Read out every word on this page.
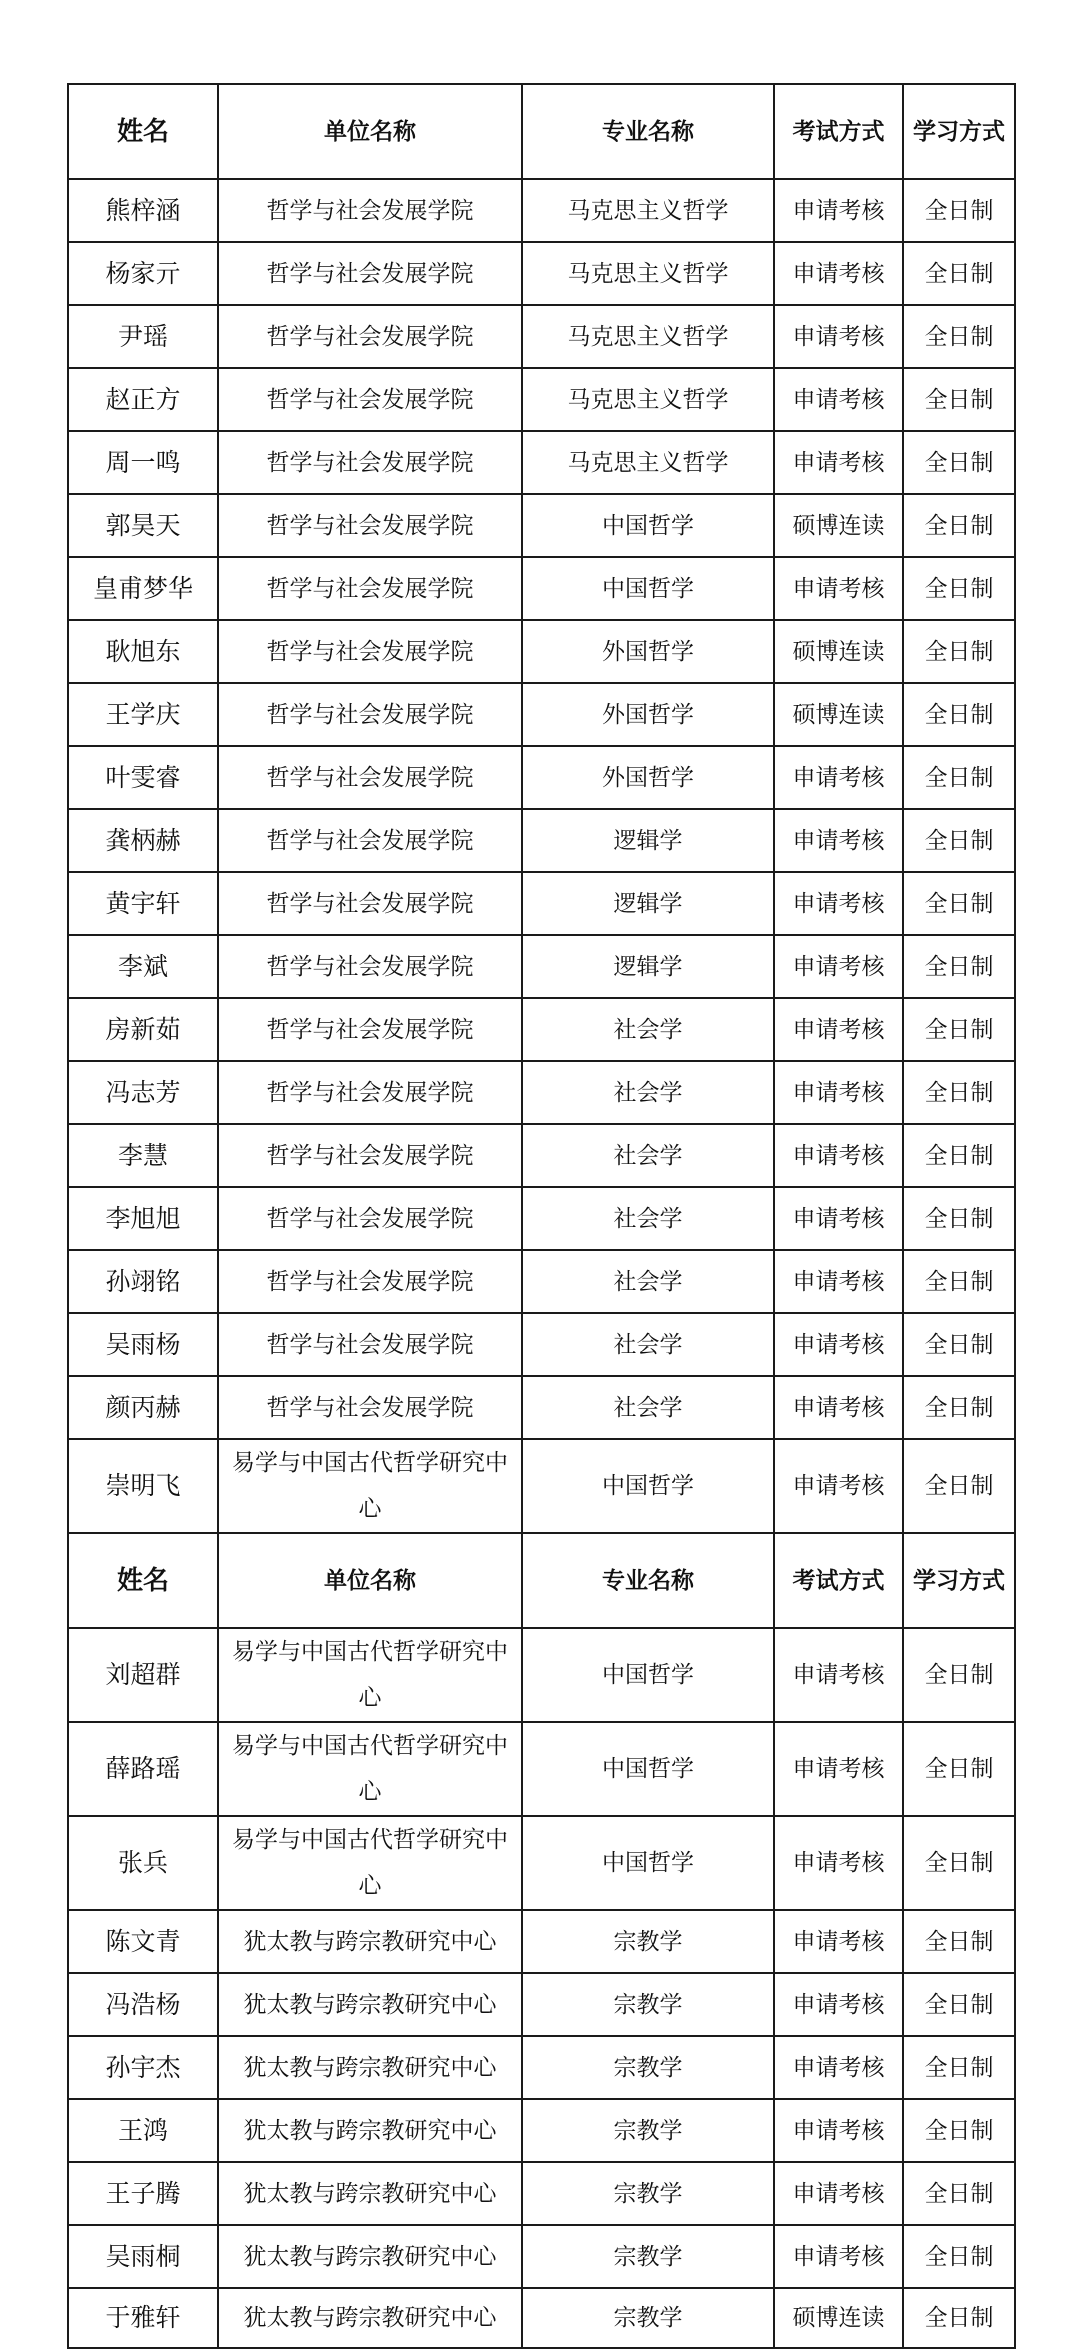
姓名	单位名称	专业名称	考试方式	学习方式
熊梓涵	哲学与社会发展学院	马克思主义哲学	申请考核	全日制
杨家亓	哲学与社会发展学院	马克思主义哲学	申请考核	全日制
尹瑶	哲学与社会发展学院	马克思主义哲学	申请考核	全日制
赵正方	哲学与社会发展学院	马克思主义哲学	申请考核	全日制
周一鸣	哲学与社会发展学院	马克思主义哲学	申请考核	全日制
郭昊天	哲学与社会发展学院	中国哲学	硕博连读	全日制
皇甫梦华	哲学与社会发展学院	中国哲学	申请考核	全日制
耿旭东	哲学与社会发展学院	外国哲学	硕博连读	全日制
王学庆	哲学与社会发展学院	外国哲学	硕博连读	全日制
叶雯睿	哲学与社会发展学院	外国哲学	申请考核	全日制
龚柄赫	哲学与社会发展学院	逻辑学	申请考核	全日制
黄宇轩	哲学与社会发展学院	逻辑学	申请考核	全日制
李斌	哲学与社会发展学院	逻辑学	申请考核	全日制
房新茹	哲学与社会发展学院	社会学	申请考核	全日制
冯志芳	哲学与社会发展学院	社会学	申请考核	全日制
李慧	哲学与社会发展学院	社会学	申请考核	全日制
李旭旭	哲学与社会发展学院	社会学	申请考核	全日制
孙翊铭	哲学与社会发展学院	社会学	申请考核	全日制
吴雨杨	哲学与社会发展学院	社会学	申请考核	全日制
颜丙赫	哲学与社会发展学院	社会学	申请考核	全日制
崇明飞	易学与中国古代哲学研究中心	中国哲学	申请考核	全日制
姓名	单位名称	专业名称	考试方式	学习方式
刘超群	易学与中国古代哲学研究中心	中国哲学	申请考核	全日制
薛路瑶	易学与中国古代哲学研究中心	中国哲学	申请考核	全日制
张兵	易学与中国古代哲学研究中心	中国哲学	申请考核	全日制
陈文青	犹太教与跨宗教研究中心	宗教学	申请考核	全日制
冯浩杨	犹太教与跨宗教研究中心	宗教学	申请考核	全日制
孙宇杰	犹太教与跨宗教研究中心	宗教学	申请考核	全日制
王鸿	犹太教与跨宗教研究中心	宗教学	申请考核	全日制
王子腾	犹太教与跨宗教研究中心	宗教学	申请考核	全日制
吴雨桐	犹太教与跨宗教研究中心	宗教学	申请考核	全日制
于雅轩	犹太教与跨宗教研究中心	宗教学	硕博连读	全日制
